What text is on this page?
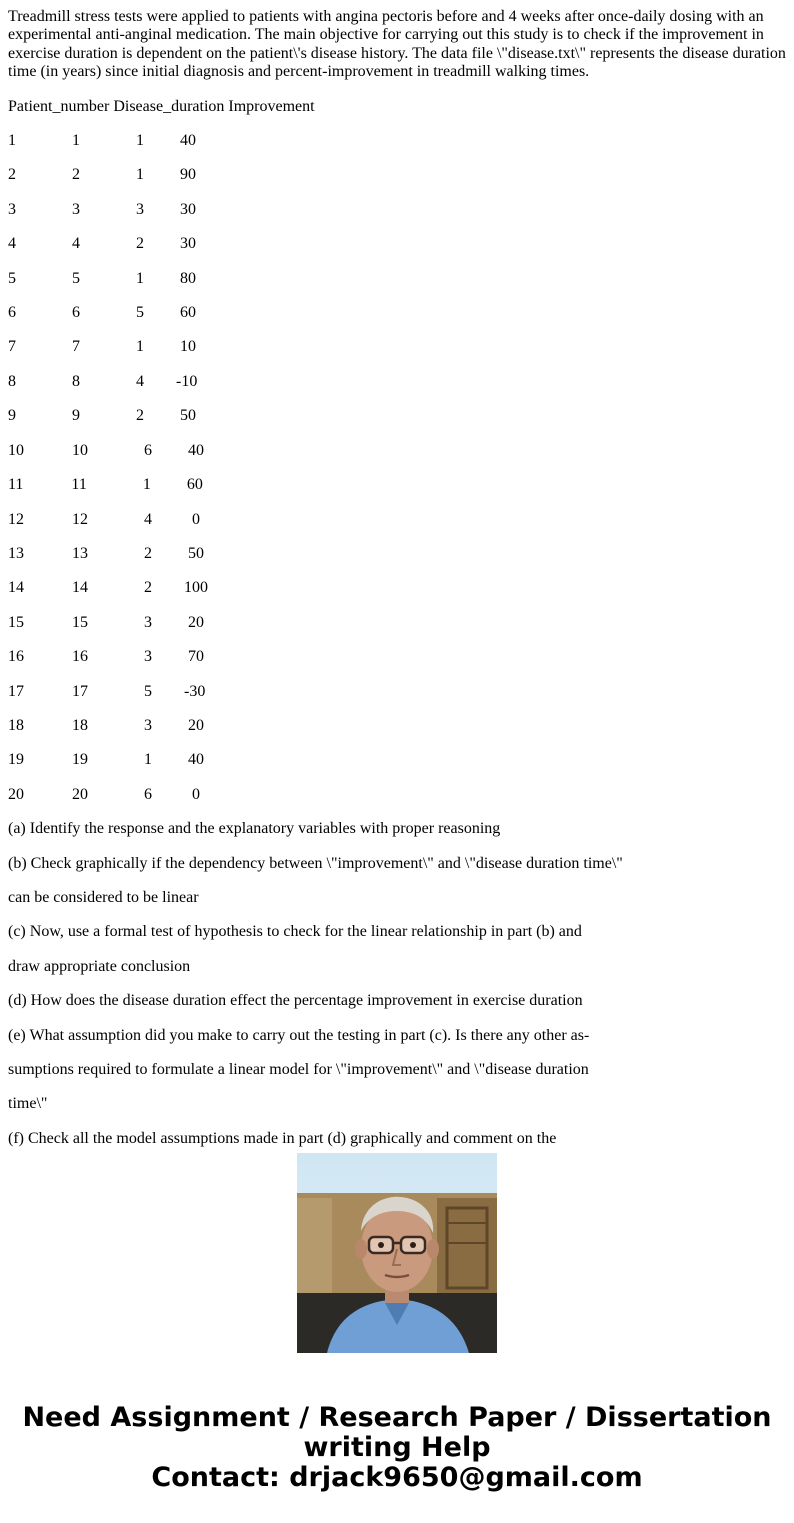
Treadmill stress tests were applied to patients with angina pectoris before and 4 weeks after once-daily dosing with an experimental anti-anginal medication. The main objective for carrying out this study is to check if the improvement in exercise duration is dependent on the patient\'s disease history. The data file \"disease.txt\" represents the disease duration time (in years) since initial diagnosis and percent-improvement in treadmill walking times.

Patient_number Disease_duration Improvement

1              1              1         40

2              2              1         90

3              3              3         30

4              4              2         30

5              5              1         80

6              6              5         60

7              7              1         10

8              8              4        -10

9              9              2         50

10            10              6         40

11            11              1         60

12            12              4          0

13            13              2         50

14            14              2        100

15            15              3         20

16            16              3         70

17            17              5        -30

18            18              3         20

19            19              1         40

20            20              6          0

(a) Identify the response and the explanatory variables with proper reasoning

(b) Check graphically if the dependency between \"improvement\" and \"disease duration time\"

can be considered to be linear

(c) Now, use a formal test of hypothesis to check for the linear relationship in part (b) and

draw appropriate conclusion

(d) How does the disease duration effect the percentage improvement in exercise duration

(e) What assumption did you make to carry out the testing in part (c). Is there any other as-

sumptions required to formulate a linear model for \"improvement\" and \"disease duration

time\"

(f) Check all the model assumptions made in part (d) graphically and comment on the

Need Assignment / Research Paper / Dissertation
writing Help
Contact: drjack9650@gmail.com
